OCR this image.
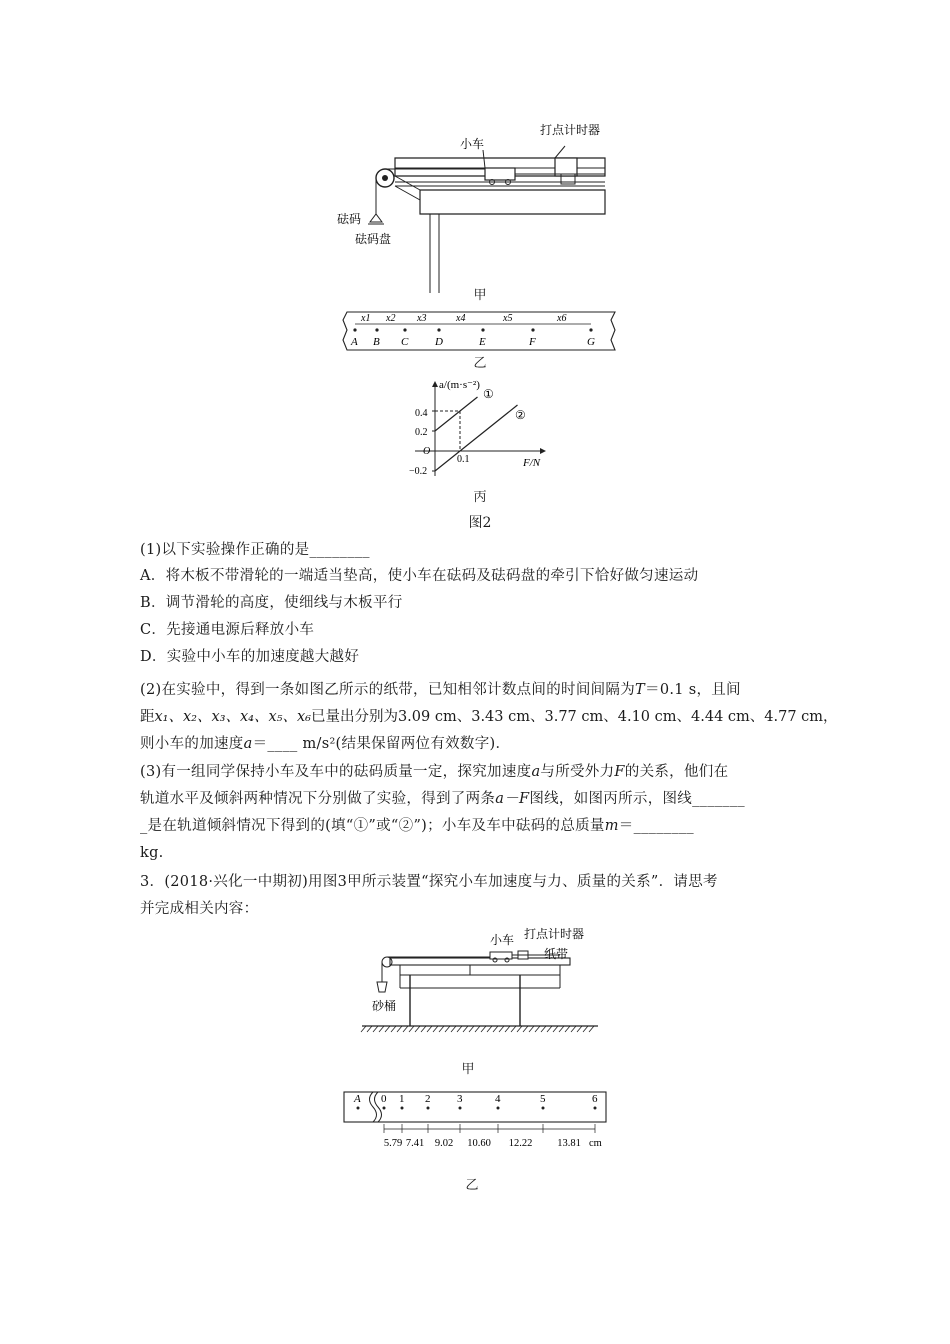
小车
打点计时器
砝码
砝码盘
甲
A B C D	E	F	G
x1 x2 x3	x4	x5	x6
乙
a/(m·s⁻²)
F/N
0.4
0.2
−0.2
0.1
O
①
②
丙
图2
(1)以下实验操作正确的是________
A．将木板不带滑轮的一端适当垫高，使小车在砝码及砝码盘的牵引下恰好做匀速运动
B．调节滑轮的高度，使细线与木板平行
C．先接通电源后释放小车
D．实验中小车的加速度越大越好
(2)在实验中，得到一条如图乙所示的纸带，已知相邻计数点间的时间间隔为T＝0.1 s，且间
距x₁、x₂、x₃、x₄、x₅、x₆已量出分别为3.09 cm、3.43 cm、3.77 cm、4.10 cm、4.44 cm、4.77 cm，
则小车的加速度a＝____ m/s²(结果保留两位有效数字)．
(3)有一组同学保持小车及车中的砝码质量一定，探究加速度a与所受外力F的关系，他们在
轨道水平及倾斜两种情况下分别做了实验，得到了两条a－F图线，如图丙所示，图线_______
_是在轨道倾斜情况下得到的(填“①”或“②”)；小车及车中砝码的总质量m＝________
kg.
3．(2018·兴化一中期初)用图3甲所示装置“探究小车加速度与力、质量的关系”．请思考
并完成相关内容：
小车 打点计时器
纸带
砂桶
甲
A 0 1 2 3	4	5	6
5.79 7.41 9.02 10.60 12.22 13.81 cm
乙
